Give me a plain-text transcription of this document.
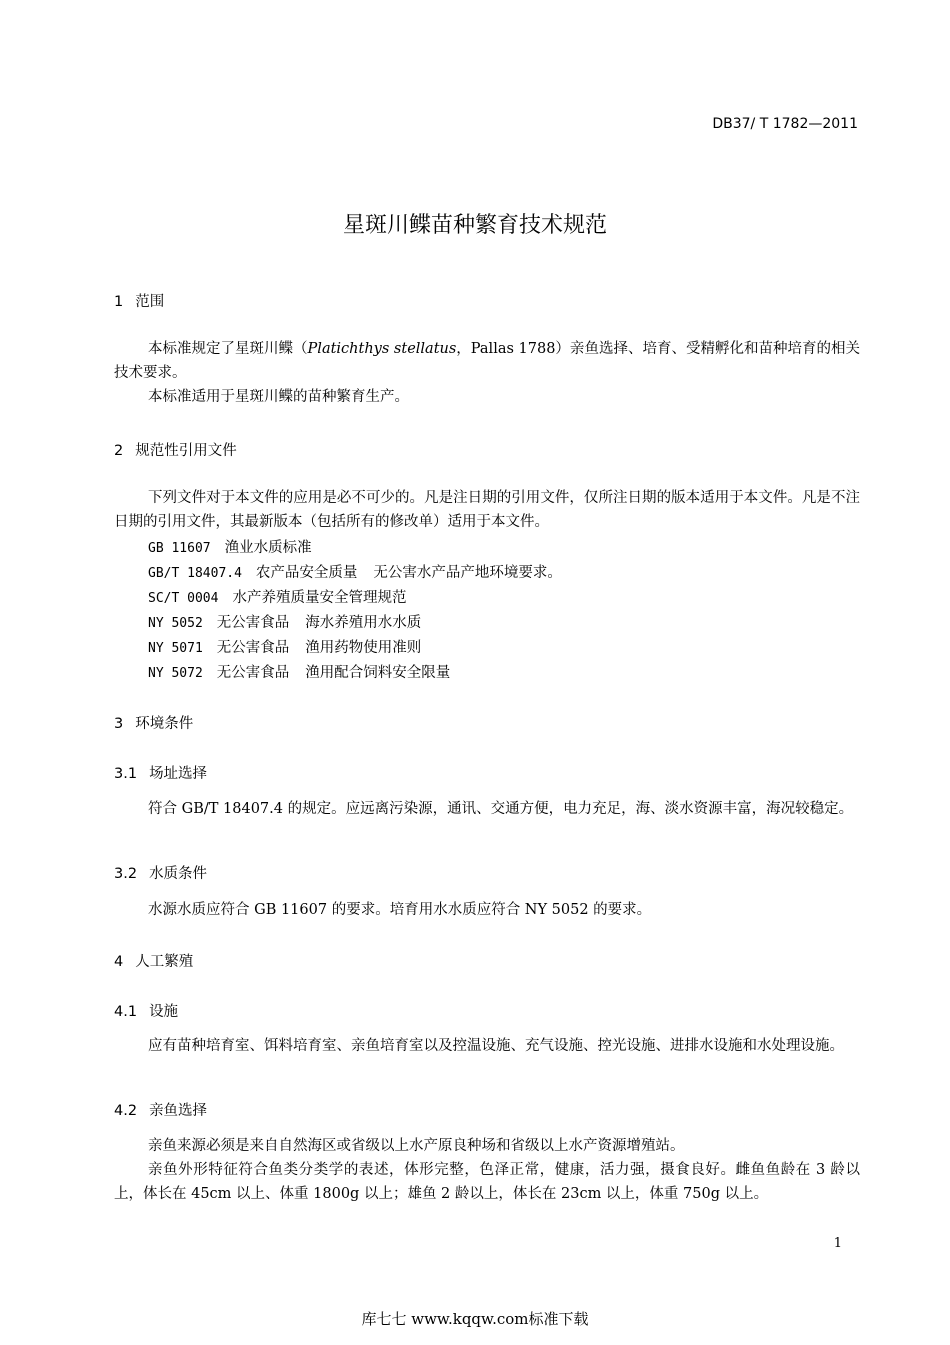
DB37/ T 1782—2011
星斑川鲽苗种繁育技术规范
1 范围
本标准规定了星斑川鲽（Platichthys stellatus，Pallas 1788）亲鱼选择、培育、受精孵化和苗种培育的相关技术要求。
本标准适用于星斑川鲽的苗种繁育生产。
2 规范性引用文件
下列文件对于本文件的应用是必不可少的。凡是注日期的引用文件，仅所注日期的版本适用于本文件。凡是不注日期的引用文件，其最新版本（包括所有的修改单）适用于本文件。
GB 11607 渔业水质标准
GB/T 18407.4 农产品安全质量 无公害水产品产地环境要求。
SC/T 0004 水产养殖质量安全管理规范
NY 5052 无公害食品 海水养殖用水水质
NY 5071 无公害食品 渔用药物使用准则
NY 5072 无公害食品 渔用配合饲料安全限量
3 环境条件
3.1 场址选择
符合 GB/T 18407.4 的规定。应远离污染源，通讯、交通方便，电力充足，海、淡水资源丰富，海况较稳定。
3.2 水质条件
水源水质应符合 GB 11607 的要求。培育用水水质应符合 NY 5052 的要求。
4 人工繁殖
4.1 设施
应有苗种培育室、饵料培育室、亲鱼培育室以及控温设施、充气设施、控光设施、进排水设施和水处理设施。
4.2 亲鱼选择
亲鱼来源必须是来自自然海区或省级以上水产原良种场和省级以上水产资源增殖站。
亲鱼外形特征符合鱼类分类学的表述，体形完整，色泽正常，健康，活力强，摄食良好。雌鱼鱼龄在 3 龄以上，体长在 45cm 以上、体重 1800g 以上；雄鱼 2 龄以上，体长在 23cm 以上，体重 750g 以上。
1
库七七 www.kqqw.com标准下载
